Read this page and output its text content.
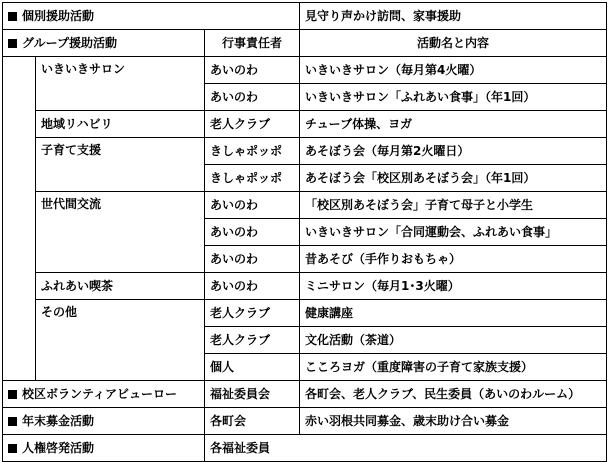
個別援助活動			見守り声かけ訪問、家事援助
グループ援助活動		行事責任者	活動名と内容
	いきいきサロン	あいのわ	いきいきサロン（毎月第4火曜）
		あいのわ	いきいきサロン「ふれあい食事」（年1回）
	地域リハビリ	老人クラブ	チューブ体操、ヨガ
	子育て支援	きしゃポッポ	あそぼう会（毎月第2火曜日）
		きしゃポッポ	あそぼう会「校区別あそぼう会」（年1回）
	世代間交流	あいのわ	「校区別あそぼう会」子育て母子と小学生
		あいのわ	いきいきサロン「合同運動会、ふれあい食事」
		あいのわ	昔あそび（手作りおもちゃ）
	ふれあい喫茶	あいのわ	ミニサロン（毎月1･3火曜）
	その他	老人クラブ	健康講座
		老人クラブ	文化活動（茶道）
		個人	こころヨガ（重度障害の子育て家族支援）
校区ボランティアビューロー		福祉委員会	各町会、老人クラブ、民生委員（あいのわルーム）
年末募金活動		各町会	赤い羽根共同募金、歳末助け合い募金
人権啓発活動		各福祉委員	
